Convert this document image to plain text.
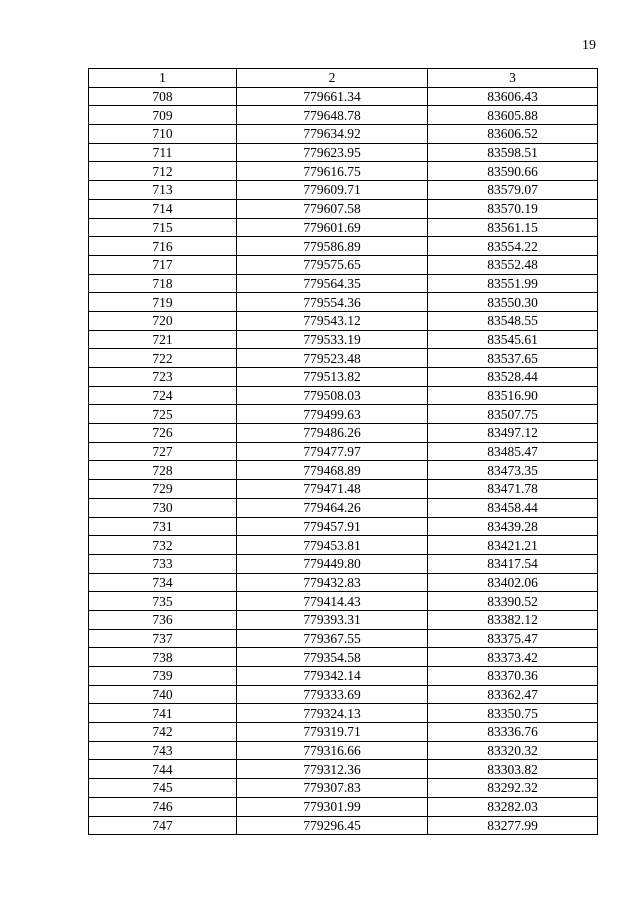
19
1	2	3
708	779661.34	83606.43
709	779648.78	83605.88
710	779634.92	83606.52
711	779623.95	83598.51
712	779616.75	83590.66
713	779609.71	83579.07
714	779607.58	83570.19
715	779601.69	83561.15
716	779586.89	83554.22
717	779575.65	83552.48
718	779564.35	83551.99
719	779554.36	83550.30
720	779543.12	83548.55
721	779533.19	83545.61
722	779523.48	83537.65
723	779513.82	83528.44
724	779508.03	83516.90
725	779499.63	83507.75
726	779486.26	83497.12
727	779477.97	83485.47
728	779468.89	83473.35
729	779471.48	83471.78
730	779464.26	83458.44
731	779457.91	83439.28
732	779453.81	83421.21
733	779449.80	83417.54
734	779432.83	83402.06
735	779414.43	83390.52
736	779393.31	83382.12
737	779367.55	83375.47
738	779354.58	83373.42
739	779342.14	83370.36
740	779333.69	83362.47
741	779324.13	83350.75
742	779319.71	83336.76
743	779316.66	83320.32
744	779312.36	83303.82
745	779307.83	83292.32
746	779301.99	83282.03
747	779296.45	83277.99
